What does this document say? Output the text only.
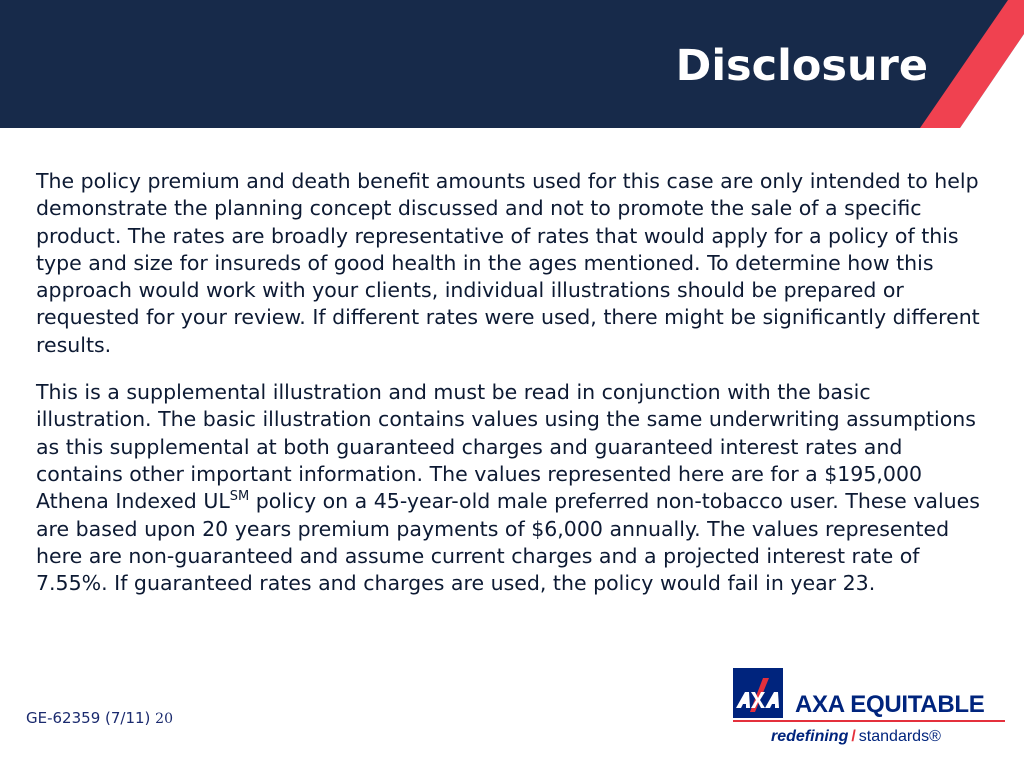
Disclosure

The policy premium and death benefit amounts used for this case are only intended to help demonstrate the planning concept discussed and not to promote the sale of a specific product. The rates are broadly representative of rates that would apply for a policy of this type and size for insureds of good health in the ages mentioned. To determine how this approach would work with your clients, individual illustrations should be prepared or requested for your review. If different rates were used, there might be significantly different results.

This is a supplemental illustration and must be read in conjunction with the basic illustration. The basic illustration contains values using the same underwriting assumptions as this supplemental at both guaranteed charges and guaranteed interest rates and contains other important information. The values represented here are for a $195,000 Athena Indexed UL℠ policy on a 45-year-old male preferred non-tobacco user. These values are based upon 20 years premium payments of $6,000 annually. The values represented here are non-guaranteed and assume current charges and a projected interest rate of 7.55%. If guaranteed rates and charges are used, the policy would fail in year 23.

GE-62359 (7/11) 20
AXA EQUITABLE
redefining / standards®
